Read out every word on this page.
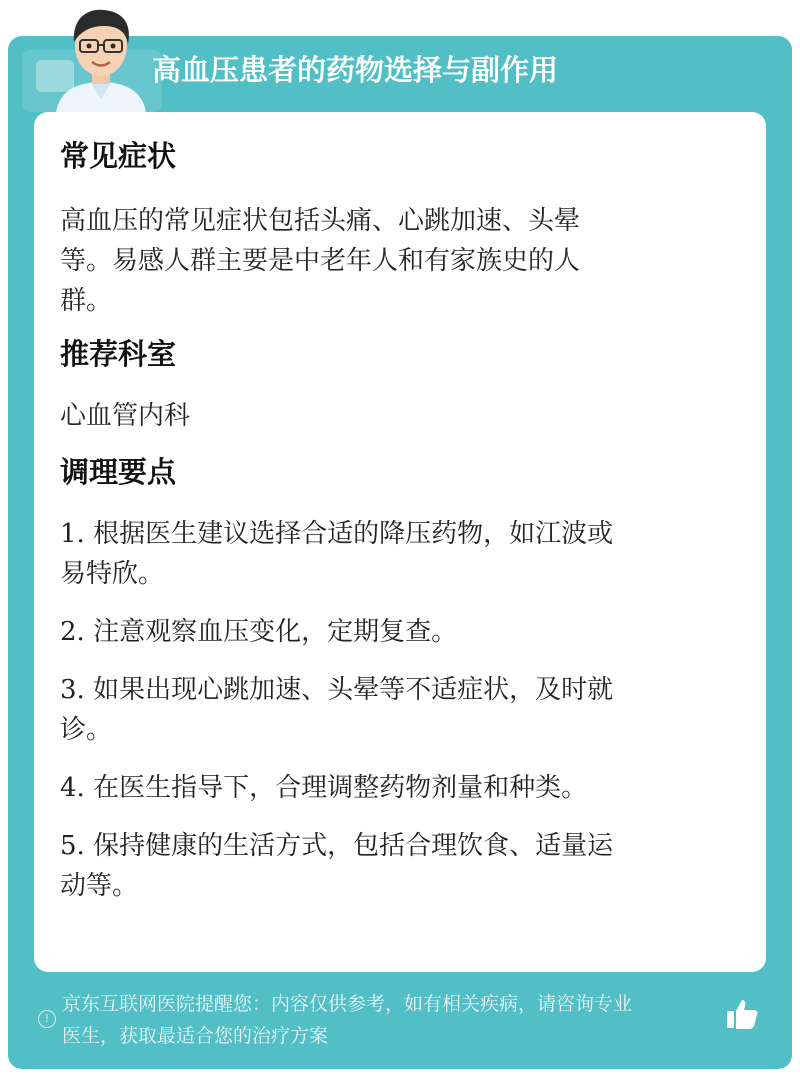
高血压患者的药物选择与副作用

常见症状

高血压的常见症状包括头痛、心跳加速、头晕

等。易感人群主要是中老年人和有家族史的人

群。

推荐科室

心血管内科

调理要点

1. 根据医生建议选择合适的降压药物，如江波或

易特欣。

2. 注意观察血压变化，定期复查。

3. 如果出现心跳加速、头晕等不适症状，及时就

诊。

4. 在医生指导下，合理调整药物剂量和种类。

5. 保持健康的生活方式，包括合理饮食、适量运

动等。

!
京东互联网医院提醒您：内容仅供参考，如有相关疾病，请咨询专业
医生，获取最适合您的治疗方案
